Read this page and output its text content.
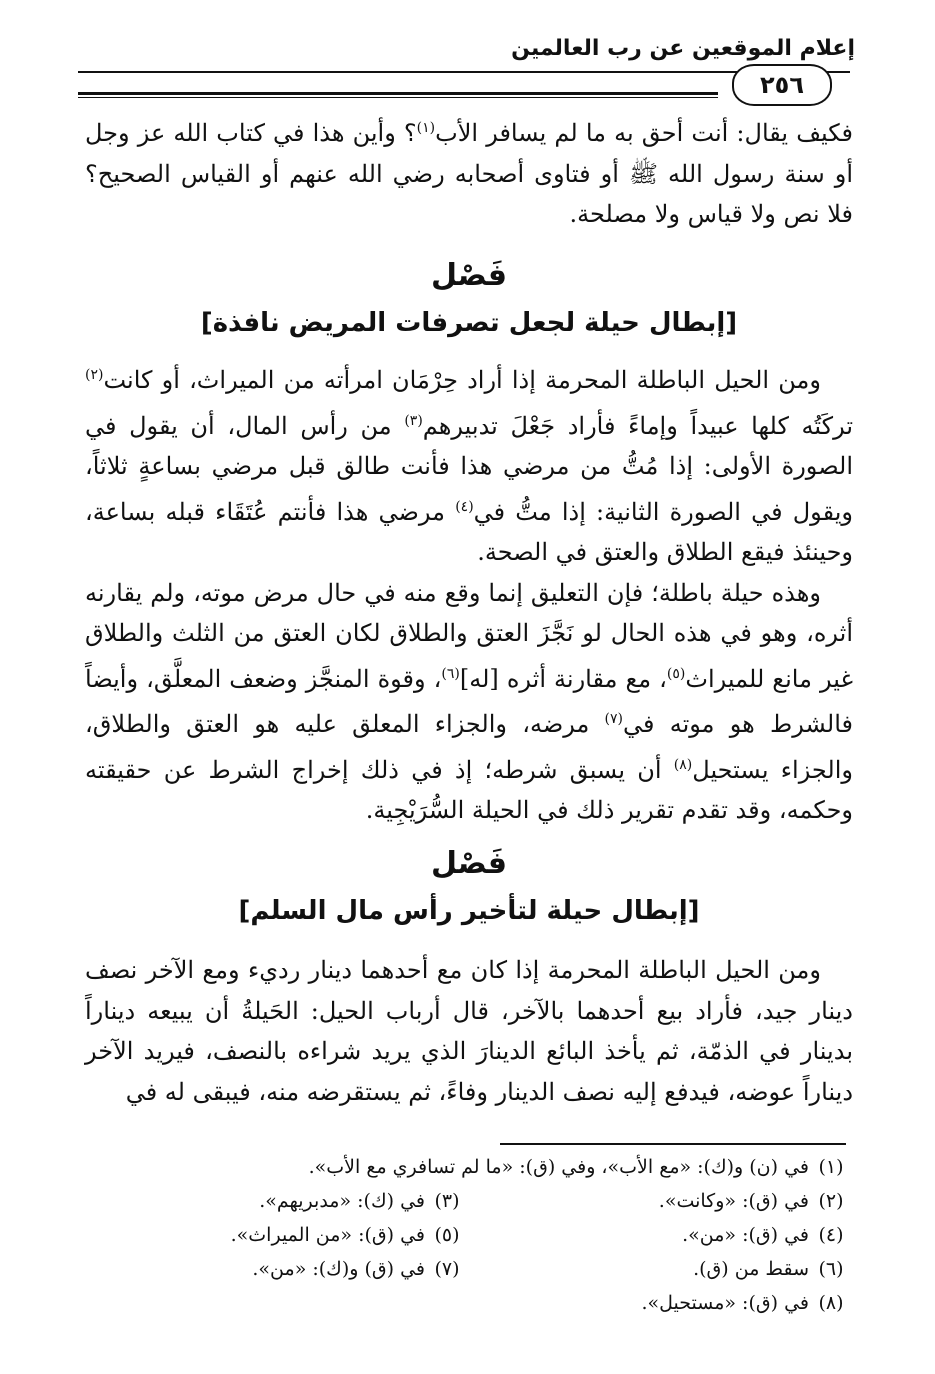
إعلام الموقعين عن رب العالمين
٢٥٦

فكيف يقال: أنت أحق به ما لم يسافر الأب$^{(١)}$؟ وأين هذا في كتاب الله عز وجل أو سنة رسول الله ﷺ أو فتاوى أصحابه رضي الله عنهم أو القياس الصحيح؟ فلا نص ولا قياس ولا مصلحة.

فَصْل
[إبطال حيلة لجعل تصرفات المريض نافذة]

ومن الحيل الباطلة المحرمة إذا أراد حِرْمَان امرأته من الميراث، أو كانت$^{(٢)}$ تركَتُه كلها عبيداً وإماءً فأراد جَعْلَ تدبيرهم$^{(٣)}$ من رأس المال، أن يقول في الصورة الأولى: إذا مُتُّ من مرضي هذا فأنت طالق قبل مرضي بساعةٍ ثلاثاً، ويقول في الصورة الثانية: إذا متُّ في$^{(٤)}$ مرضي هذا فأنتم عُتَقَاء قبله بساعة، وحينئذ فيقع الطلاق والعتق في الصحة.

وهذه حيلة باطلة؛ فإن التعليق إنما وقع منه في حال مرض موته، ولم يقارنه أثره، وهو في هذه الحال لو نَجَّزَ العتق والطلاق لكان العتق من الثلث والطلاق غير مانع للميراث$^{(٥)}$، مع مقارنة أثره [له]$^{(٦)}$، وقوة المنجَّز وضعف المعلَّق، وأيضاً فالشرط هو موته في$^{(٧)}$ مرضه، والجزاء المعلق عليه هو العتق والطلاق، والجزاء يستحيل$^{(٨)}$ أن يسبق شرطه؛ إذ في ذلك إخراج الشرط عن حقيقته وحكمه، وقد تقدم تقرير ذلك في الحيلة السُّرَيْجِية.

فَصْل
[إبطال حيلة لتأخير رأس مال السلم]

ومن الحيل الباطلة المحرمة إذا كان مع أحدهما دينار رديء ومع الآخر نصف دينار جيد، فأراد بيع أحدهما بالآخر، قال أرباب الحيل: الحَيلةُ أن يبيعه ديناراً بدينار في الذمّة، ثم يأخذ البائع الدينارَ الذي يريد شراءه بالنصف، فيريد الآخر ديناراً عوضه، فيدفع إليه نصف الدينار وفاءً، ثم يستقرضه منه، فيبقى له في

(١)
في (ن) و(ك): «مع الأب»، وفي (ق): «ما لم تسافري مع الأب».
(٢)
في (ق): «وكانت».
(٣)
في (ك): «مدبريهم».
(٤)
في (ق): «من».
(٥)
في (ق): «من الميراث».
(٦)
سقط من (ق).
(٧)
في (ق) و(ك): «من».
(٨)
في (ق): «مستحيل».
